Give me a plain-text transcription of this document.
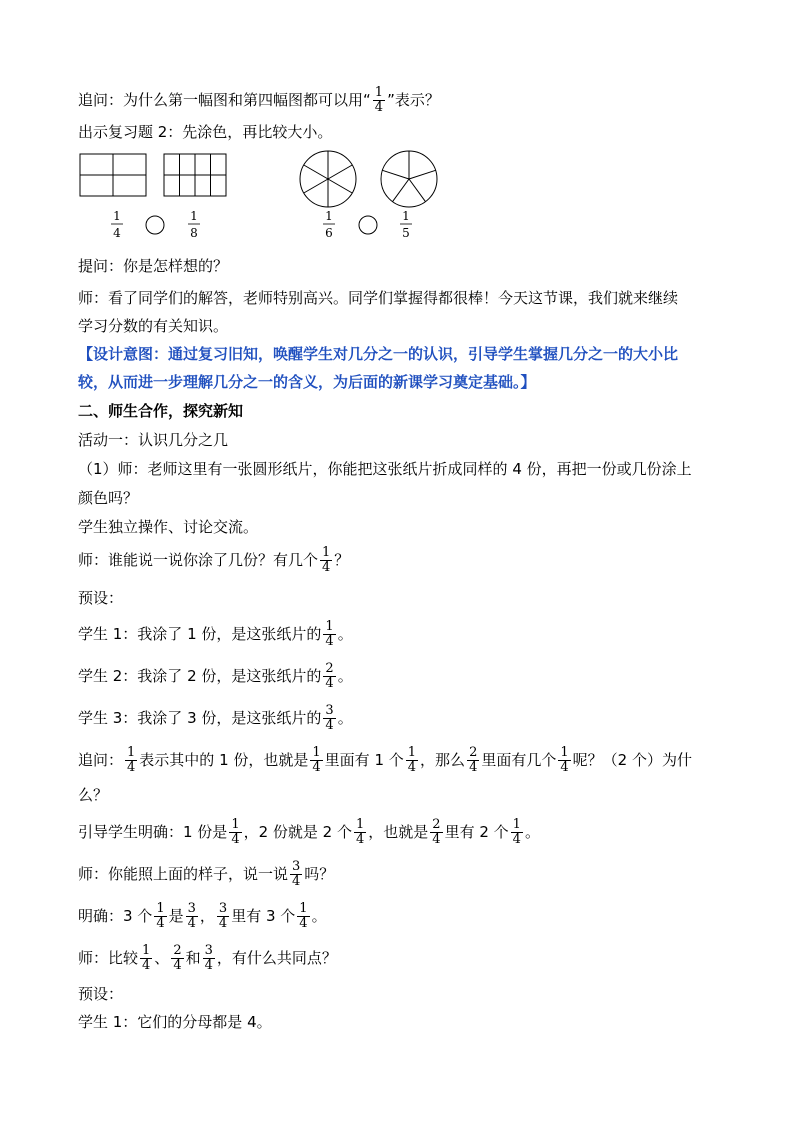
追问：为什么第一幅图和第四幅图都可以用“ $\frac{1}{4}$ ”表示？
出示复习题 2：先涂色，再比较大小。
1
4
1
8
1
6
1
5
提问：你是怎样想的？
师：看了同学们的解答，老师特别高兴。同学们掌握得都很棒！今天这节课，我们就来继续
学习分数的有关知识。
【设计意图：通过复习旧知，唤醒学生对几分之一的认识，引导学生掌握几分之一的大小比
较，从而进一步理解几分之一的含义，为后面的新课学习奠定基础。】
二、师生合作，探究新知
活动一：认识几分之几
（1）师：老师这里有一张圆形纸片，你能把这张纸片折成同样的 4 份，再把一份或几份涂上
颜色吗？
学生独立操作、讨论交流。
师：谁能说一说你涂了几份？有几个 $\frac{1}{4}$ ？
预设：
学生 1：我涂了 1 份，是这张纸片的 $\frac{1}{4}$ 。
学生 2：我涂了 2 份，是这张纸片的 $\frac{2}{4}$ 。
学生 3：我涂了 3 份，是这张纸片的 $\frac{3}{4}$ 。
追问： $\frac{1}{4}$ 表示其中的 1 份，也就是 $\frac{1}{4}$ 里面有 1 个 $\frac{1}{4}$ ，那么 $\frac{2}{4}$ 里面有几个 $\frac{1}{4}$ 呢？（2 个）为什
么？
引导学生明确：1 份是 $\frac{1}{4}$ ，2 份就是 2 个 $\frac{1}{4}$ ，也就是 $\frac{2}{4}$ 里有 2 个 $\frac{1}{4}$ 。
师：你能照上面的样子，说一说 $\frac{3}{4}$ 吗？
明确：3 个 $\frac{1}{4}$ 是 $\frac{3}{4}$ ， $\frac{3}{4}$ 里有 3 个 $\frac{1}{4}$ 。
师：比较 $\frac{1}{4}$ 、 $\frac{2}{4}$ 和 $\frac{3}{4}$ ，有什么共同点？
预设：
学生 1：它们的分母都是 4。
